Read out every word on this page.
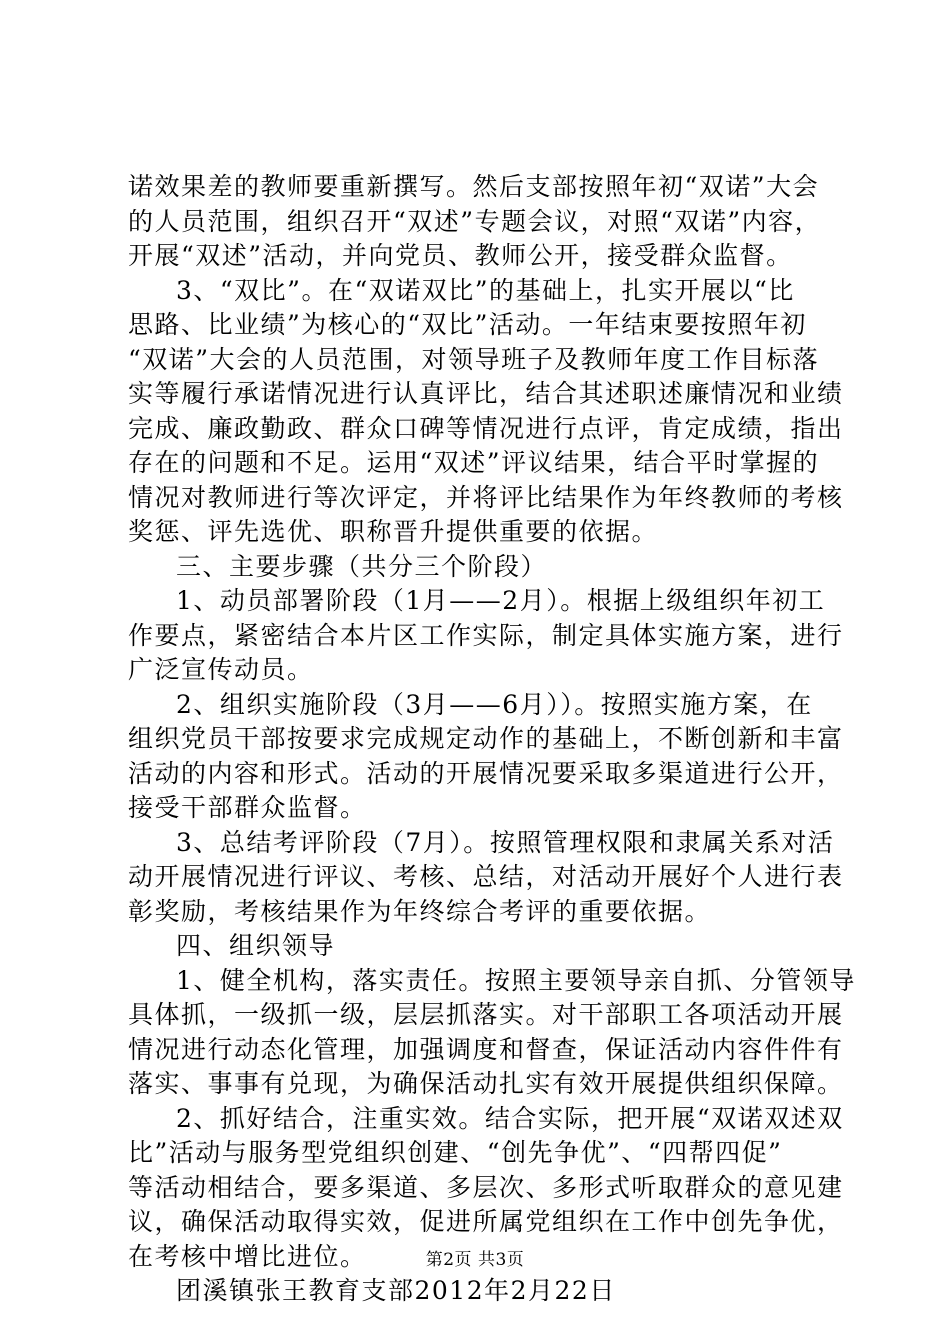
诺效果差的教师要重新撰写。然后支部按照年初“双诺”大会
的人员范围，组织召开“双述”专题会议，对照“双诺”内容，
开展“双述”活动，并向党员、教师公开，接受群众监督。
3、“双比”。在“双诺双比”的基础上，扎实开展以“比
思路、比业绩”为核心的“双比”活动。一年结束要按照年初
“双诺”大会的人员范围，对领导班子及教师年度工作目标落
实等履行承诺情况进行认真评比，结合其述职述廉情况和业绩
完成、廉政勤政、群众口碑等情况进行点评，肯定成绩，指出
存在的问题和不足。运用“双述”评议结果，结合平时掌握的
情况对教师进行等次评定，并将评比结果作为年终教师的考核
奖惩、评先选优、职称晋升提供重要的依据。
三、主要步骤（共分三个阶段）
1、动员部署阶段（1月——2月）。根据上级组织年初工
作要点，紧密结合本片区工作实际，制定具体实施方案，进行
广泛宣传动员。
2、组织实施阶段（3月——6月））。按照实施方案，在
组织党员干部按要求完成规定动作的基础上，不断创新和丰富
活动的内容和形式。活动的开展情况要采取多渠道进行公开，
接受干部群众监督。
3、总结考评阶段（7月）。按照管理权限和隶属关系对活
动开展情况进行评议、考核、总结，对活动开展好个人进行表
彰奖励，考核结果作为年终综合考评的重要依据。
四、组织领导
1、健全机构，落实责任。按照主要领导亲自抓、分管领导
具体抓，一级抓一级，层层抓落实。对干部职工各项活动开展
情况进行动态化管理，加强调度和督查，保证活动内容件件有
落实、事事有兑现，为确保活动扎实有效开展提供组织保障。
2、抓好结合，注重实效。结合实际，把开展“双诺双述双
比”活动与服务型党组织创建、“创先争优”、“四帮四促”
等活动相结合，要多渠道、多层次、多形式听取群众的意见建
议，确保活动取得实效，促进所属党组织在工作中创先争优，
在考核中增比进位。
团溪镇张王教育支部2012年2月22日
第2页 共3页
